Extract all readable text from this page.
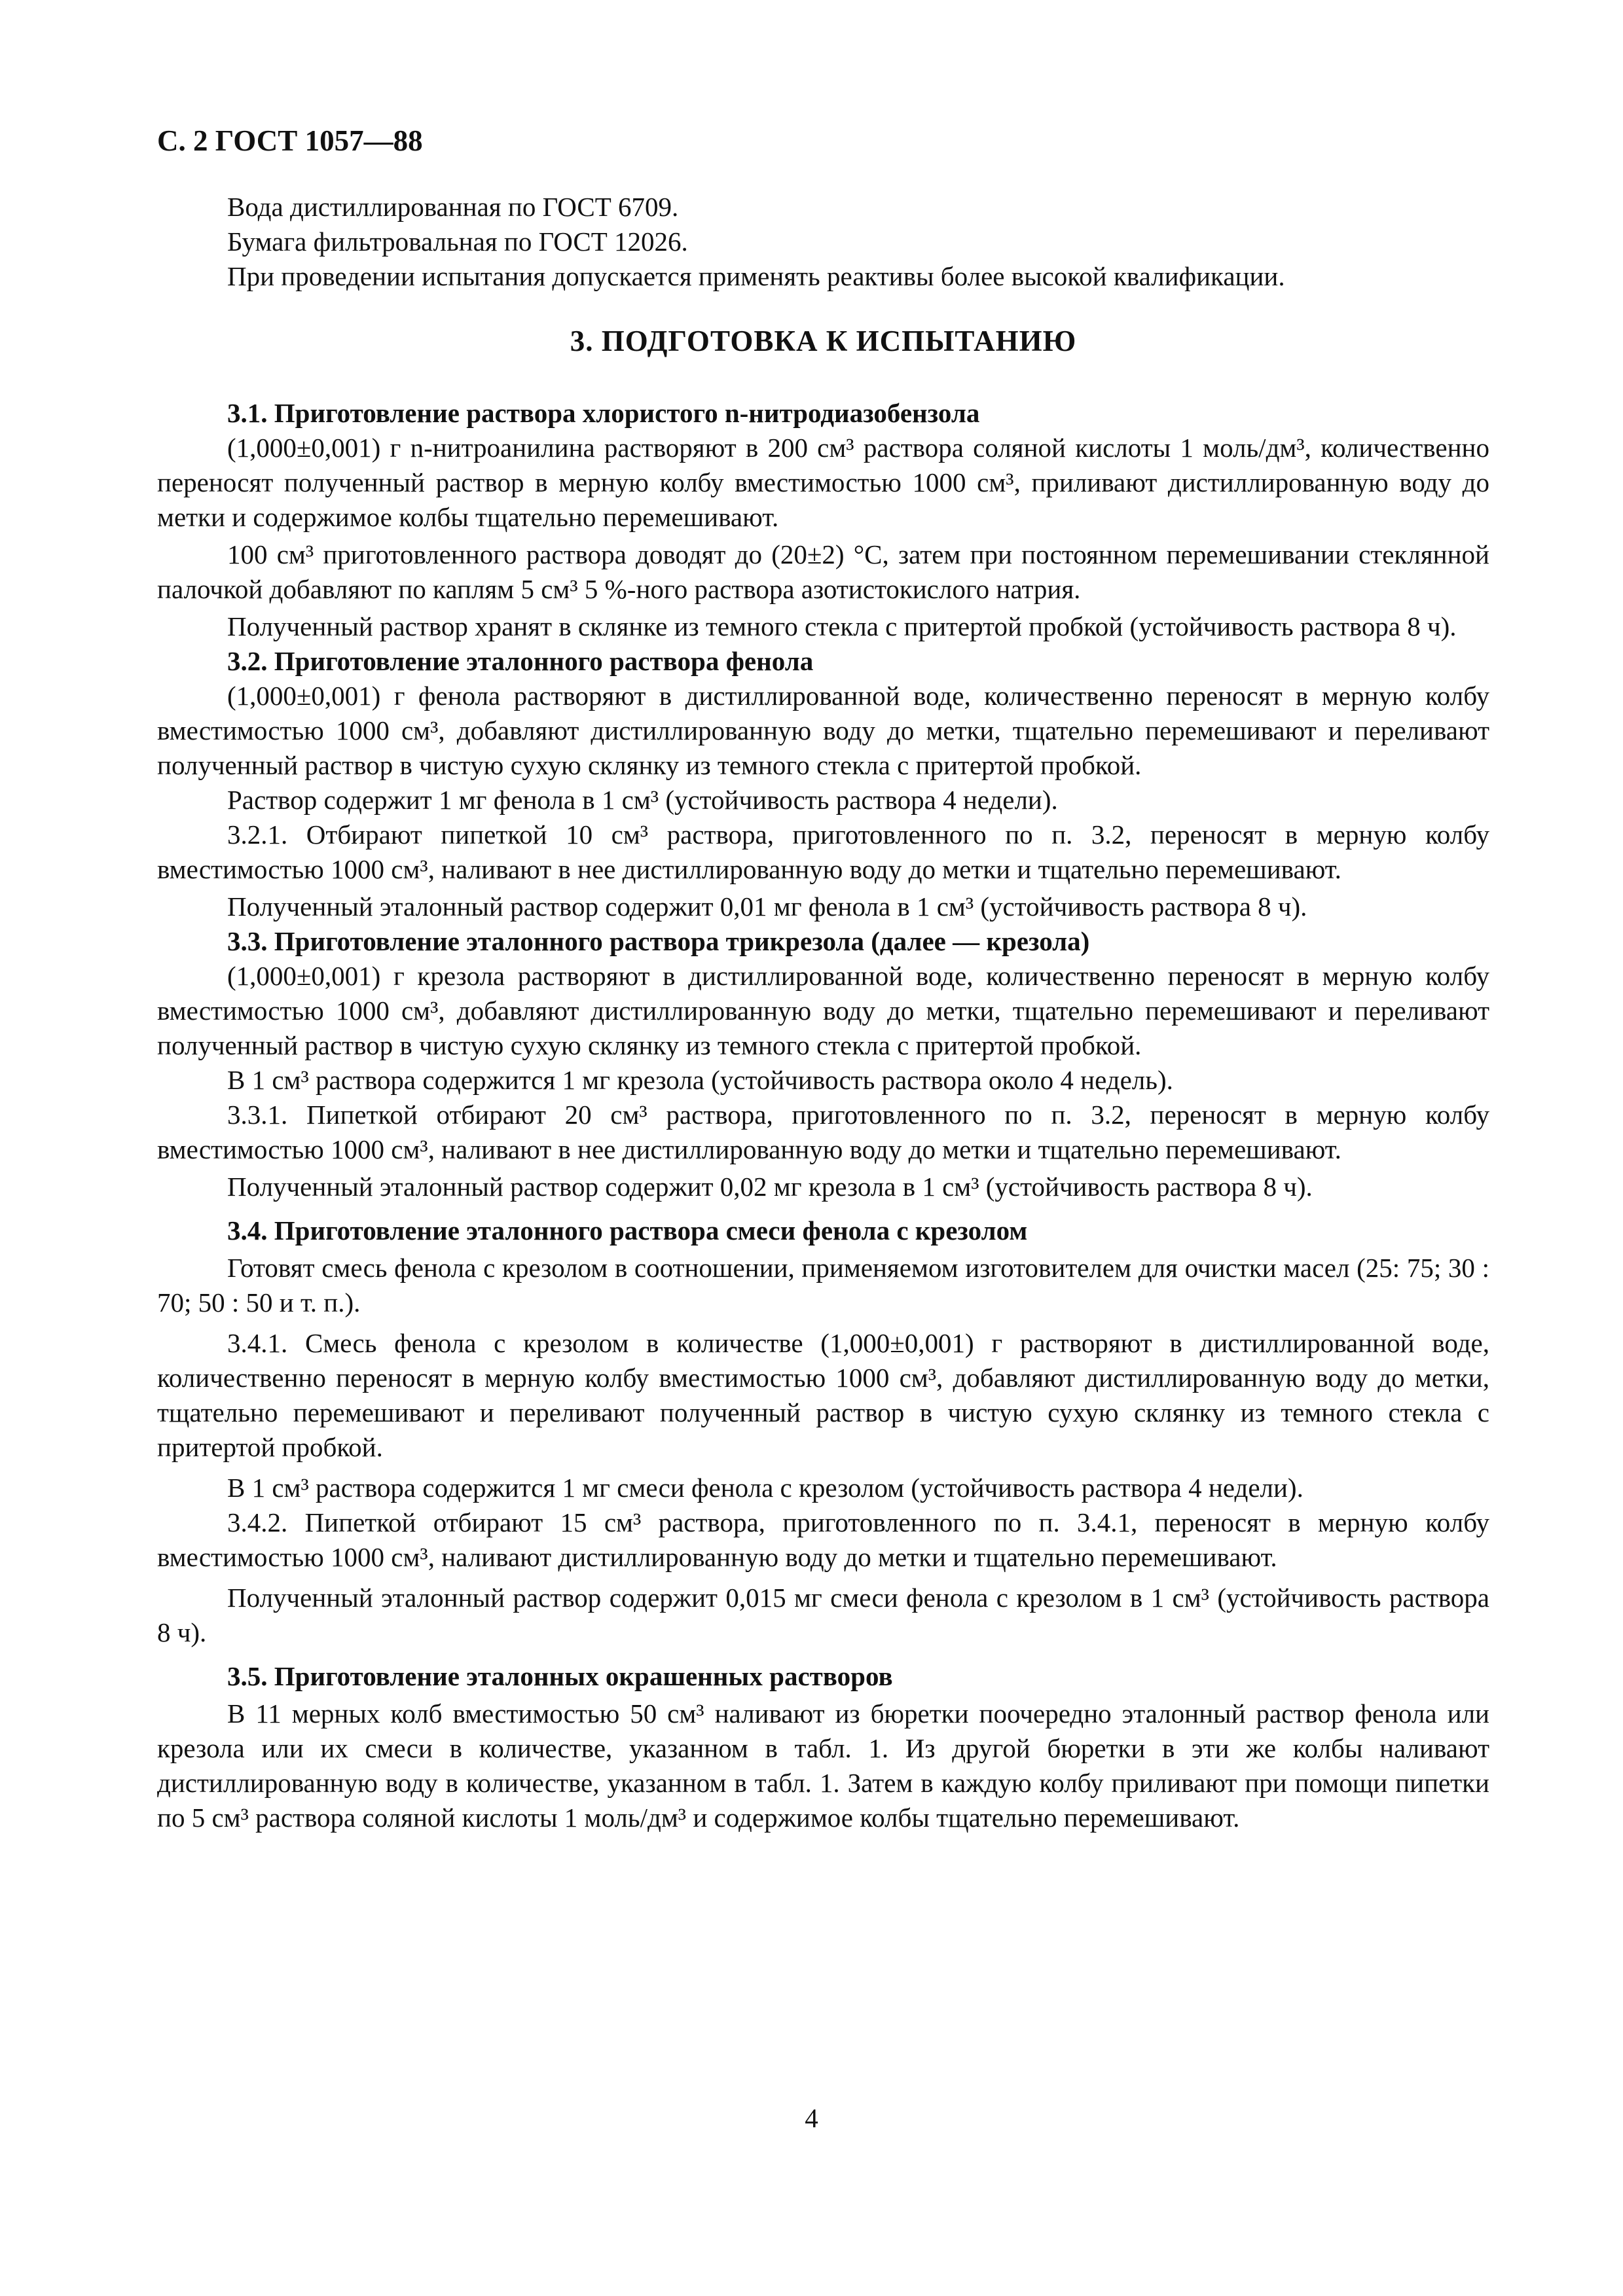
С. 2 ГОСТ 1057—88

Вода дистиллированная по ГОСТ 6709.

Бумага фильтровальная по ГОСТ 12026.

При проведении испытания допускается применять реактивы более высокой квалификации.

3. ПОДГОТОВКА К ИСПЫТАНИЮ
3.1. Приготовление раствора хлористого n-нитродиазобензола

(1,000±0,001) г n-нитроанилина растворяют в 200 см³ раствора соляной кислоты 1 моль/дм³, количественно переносят полученный раствор в мерную колбу вместимостью 1000 см³, приливают дистиллированную воду до метки и содержимое колбы тщательно перемешивают.

100 см³ приготовленного раствора доводят до (20±2) °С, затем при постоянном перемешивании стеклянной палочкой добавляют по каплям 5 см³ 5 %-ного раствора азотистокислого натрия.

Полученный раствор хранят в склянке из темного стекла с притертой пробкой (устойчивость раствора 8 ч).

3.2. Приготовление эталонного раствора фенола

(1,000±0,001) г фенола растворяют в дистиллированной воде, количественно переносят в мерную колбу вместимостью 1000 см³, добавляют дистиллированную воду до метки, тщательно перемешивают и переливают полученный раствор в чистую сухую склянку из темного стекла с притертой пробкой.

Раствор содержит 1 мг фенола в 1 см³ (устойчивость раствора 4 недели).

3.2.1. Отбирают пипеткой 10 см³ раствора, приготовленного по п. 3.2, переносят в мерную колбу вместимостью 1000 см³, наливают в нее дистиллированную воду до метки и тщательно перемешивают.

Полученный эталонный раствор содержит 0,01 мг фенола в 1 см³ (устойчивость раствора 8 ч).

3.3. Приготовление эталонного раствора трикрезола (далее — крезола)

(1,000±0,001) г крезола растворяют в дистиллированной воде, количественно переносят в мерную колбу вместимостью 1000 см³, добавляют дистиллированную воду до метки, тщательно перемешивают и переливают полученный раствор в чистую сухую склянку из темного стекла с притертой пробкой.

В 1 см³ раствора содержится 1 мг крезола (устойчивость раствора около 4 недель).

3.3.1. Пипеткой отбирают 20 см³ раствора, приготовленного по п. 3.2, переносят в мерную колбу вместимостью 1000 см³, наливают в нее дистиллированную воду до метки и тщательно перемешивают.

Полученный эталонный раствор содержит 0,02 мг крезола в 1 см³ (устойчивость раствора 8 ч).

3.4. Приготовление эталонного раствора смеси фенола с крезолом

Готовят смесь фенола с крезолом в соотношении, применяемом изготовителем для очистки масел (25: 75; 30 : 70; 50 : 50 и т. п.).

3.4.1. Смесь фенола с крезолом в количестве (1,000±0,001) г растворяют в дистиллированной воде, количественно переносят в мерную колбу вместимостью 1000 см³, добавляют дистиллированную воду до метки, тщательно перемешивают и переливают полученный раствор в чистую сухую склянку из темного стекла с притертой пробкой.

В 1 см³ раствора содержится 1 мг смеси фенола с крезолом (устойчивость раствора 4 недели).

3.4.2. Пипеткой отбирают 15 см³ раствора, приготовленного по п. 3.4.1, переносят в мерную колбу вместимостью 1000 см³, наливают дистиллированную воду до метки и тщательно перемешивают.

Полученный эталонный раствор содержит 0,015 мг смеси фенола с крезолом в 1 см³ (устойчивость раствора 8 ч).

3.5. Приготовление эталонных окрашенных растворов

В 11 мерных колб вместимостью 50 см³ наливают из бюретки поочередно эталонный раствор фенола или крезола или их смеси в количестве, указанном в табл. 1. Из другой бюретки в эти же колбы наливают дистиллированную воду в количестве, указанном в табл. 1. Затем в каждую колбу приливают при помощи пипетки по 5 см³ раствора соляной кислоты 1 моль/дм³ и содержимое колбы тщательно перемешивают.

4
